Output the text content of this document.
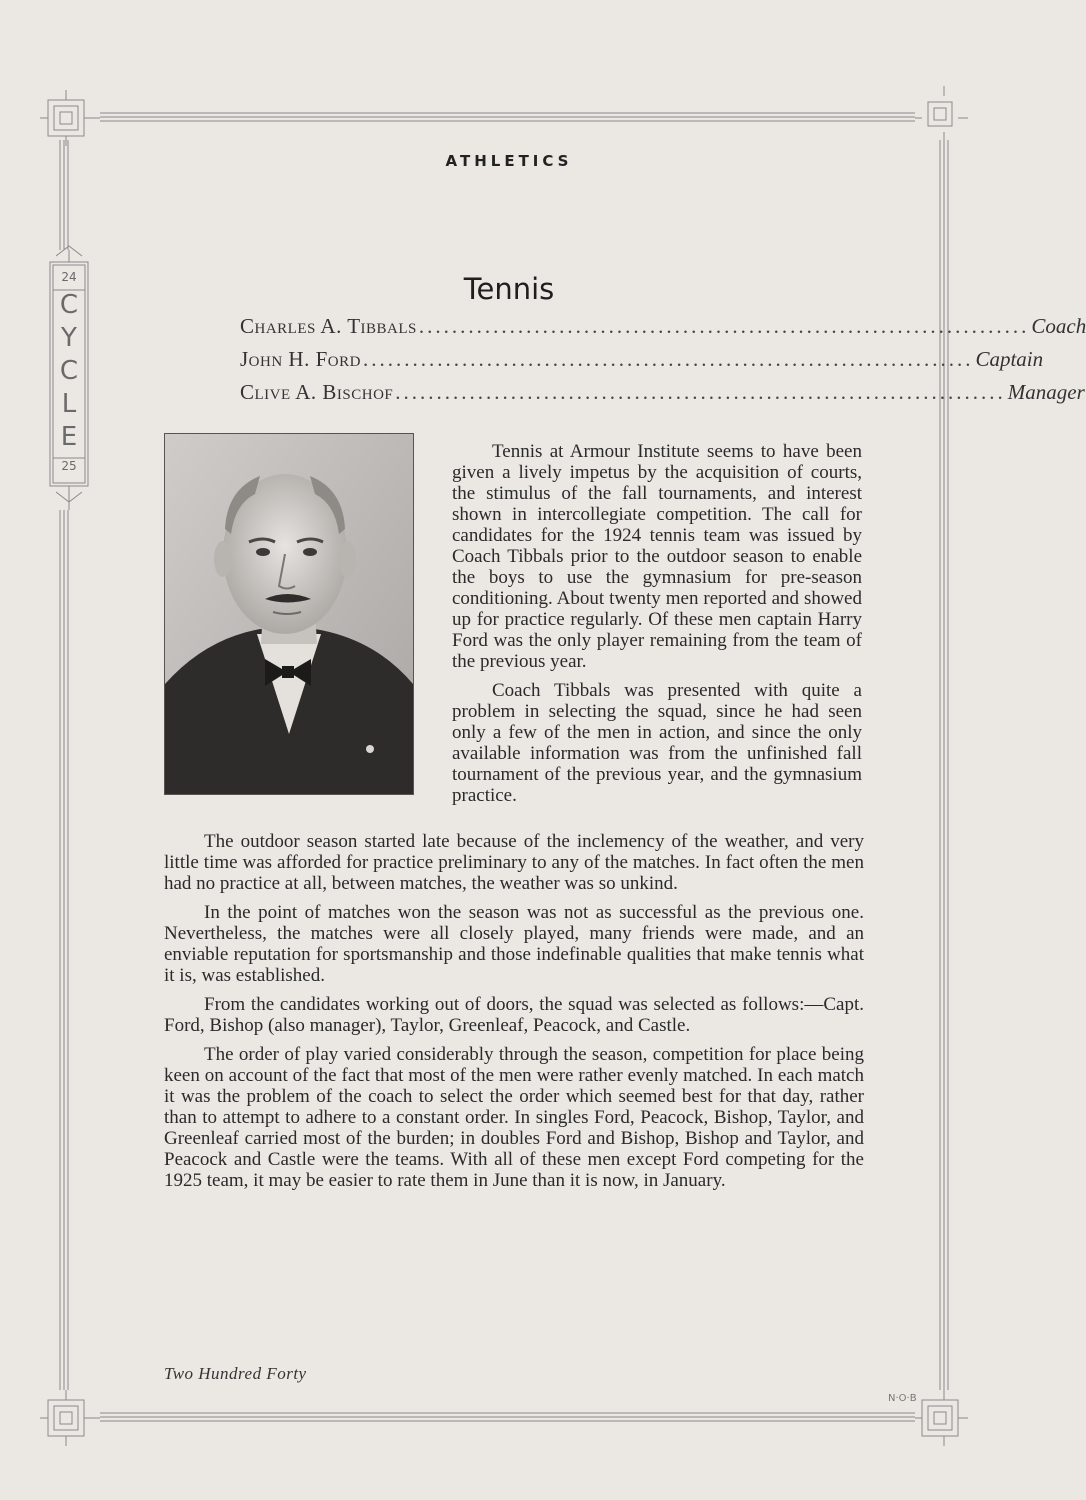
24
C
Y
C
L
E
25
ATHLETICS
Tennis
Charles A. Tibbals .......................................................................... Coach
John H. Ford .......................................................................... Captain
Clive A. Bischof .......................................................................... Manager

Tennis at Armour Institute seems to have been given a lively impetus by the acquisition of courts, the stimulus of the fall tournaments, and interest shown in intercollegiate competition. The call for candidates for the 1924 tennis team was issued by Coach Tibbals prior to the outdoor season to enable the boys to use the gymnasium for pre-season conditioning. About twenty men reported and showed up for practice regularly. Of these men captain Harry Ford was the only player remaining from the team of the previous year.

Coach Tibbals was presented with quite a problem in selecting the squad, since he had seen only a few of the men in action, and since the only available information was from the unfinished fall tournament of the previous year, and the gymnasium practice.

The outdoor season started late because of the inclemency of the weather, and very little time was afforded for practice preliminary to any of the matches. In fact often the men had no practice at all, between matches, the weather was so unkind.

In the point of matches won the season was not as successful as the previous one. Nevertheless, the matches were all closely played, many friends were made, and an enviable reputation for sportsmanship and those indefinable qualities that make tennis what it is, was established.

From the candidates working out of doors, the squad was selected as follows:—Capt. Ford, Bishop (also manager), Taylor, Greenleaf, Peacock, and Castle.

The order of play varied considerably through the season, competition for place being keen on account of the fact that most of the men were rather evenly matched. In each match it was the problem of the coach to select the order which seemed best for that day, rather than to attempt to adhere to a constant order. In singles Ford, Peacock, Bishop, Taylor, and Greenleaf carried most of the burden; in doubles Ford and Bishop, Bishop and Taylor, and Peacock and Castle were the teams. With all of these men except Ford competing for the 1925 team, it may be easier to rate them in June than it is now, in January.

Two Hundred Forty
N·O·B
